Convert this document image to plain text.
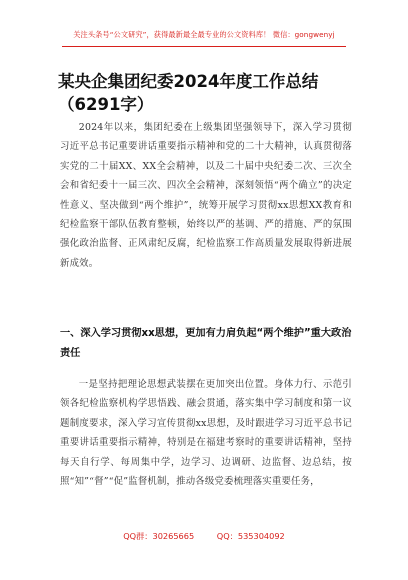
关注头条号“公文研究”，获得最新最全最专业的公文资料库！ 微信：gongwenyj
某央企集团纪委2024年度工作总结（6291字）

2024年以来，集团纪委在上级集团坚强领导下，深入学习贯彻习近平总书记重要讲话重要指示精神和党的二十大精神，认真贯彻落实党的二十届XX、XX全会精神，以及二十届中央纪委二次、三次全会和省纪委十一届三次、四次全会精神，深刻领悟“两个确立”的决定性意义、坚决做到“两个维护”，统筹开展学习贯彻xx思想XX教育和纪检监察干部队伍教育整顿，始终以严的基调、严的措施、严的氛围强化政治监督、正风肃纪反腐，纪检监察工作高质量发展取得新进展新成效。

一、深入学习贯彻xx思想，更加有力肩负起“两个维护”重大政治责任

一是坚持把理论思想武装摆在更加突出位置。身体力行、示范引领各纪检监察机构学思悟践、融会贯通，落实集中学习制度和第一议题制度要求，深入学习宣传贯彻xx思想，及时跟进学习习近平总书记重要讲话重要指示精神，特别是在福建考察时的重要讲话精神，坚持每天自行学、每周集中学，边学习、边调研、边监督、边总结，按照“知”“督”“促”监督机制，推动各级党委梳理落实重要任务，

QQ群：30265665	QQ：535304092
